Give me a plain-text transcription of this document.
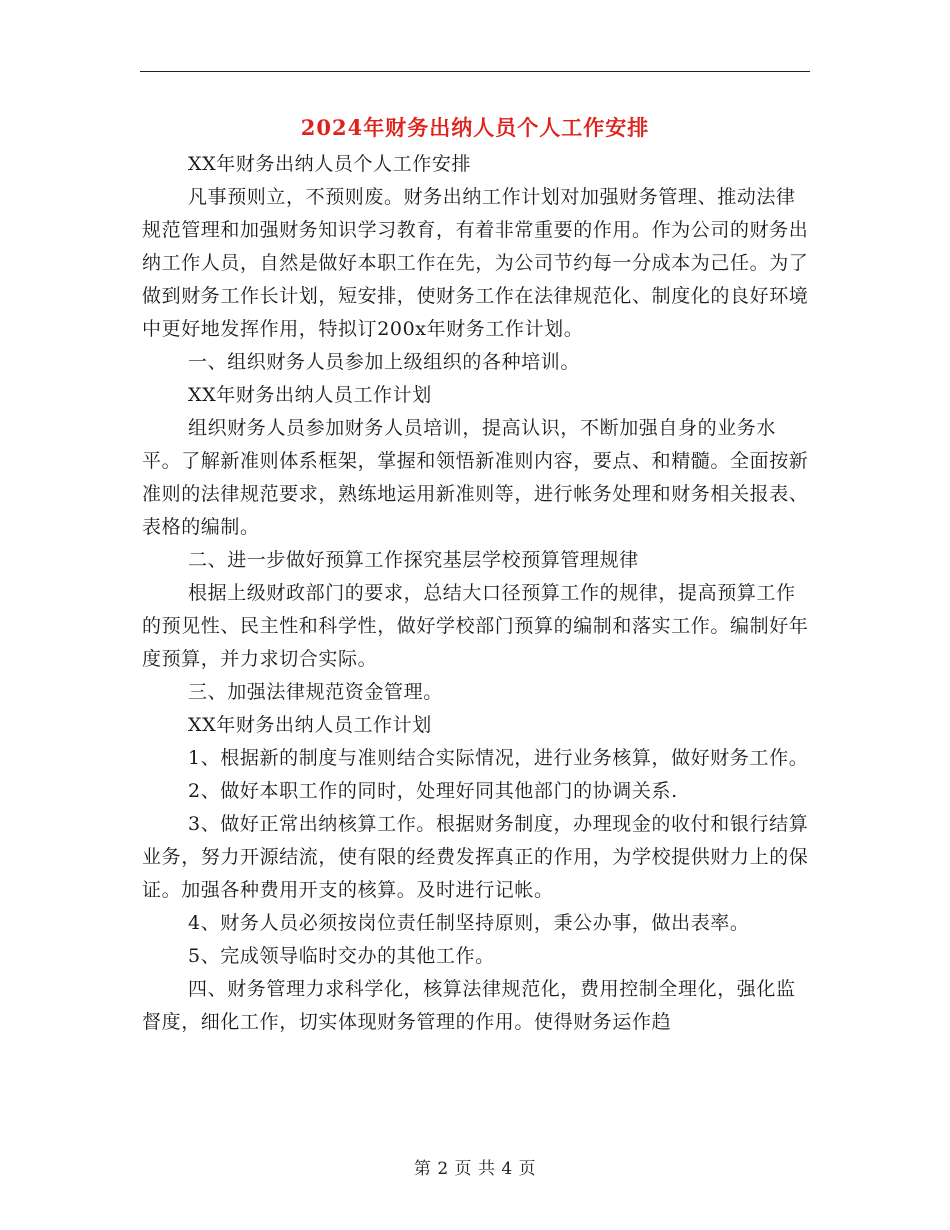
2024年财务出纳人员个人工作安排

XX年财务出纳人员个人工作安排

凡事预则立，不预则废。财务出纳工作计划对加强财务管理、推动法律规范管理和加强财务知识学习教育，有着非常重要的作用。作为公司的财务出纳工作人员，自然是做好本职工作在先，为公司节约每一分成本为己任。为了做到财务工作长计划，短安排，使财务工作在法律规范化、制度化的良好环境中更好地发挥作用，特拟订200x年财务工作计划。

一、组织财务人员参加上级组织的各种培训。

XX年财务出纳人员工作计划

组织财务人员参加财务人员培训，提高认识，不断加强自身的业务水平。了解新准则体系框架，掌握和领悟新准则内容，要点、和精髓。全面按新准则的法律规范要求，熟练地运用新准则等，进行帐务处理和财务相关报表、表格的编制。

二、进一步做好预算工作探究基层学校预算管理规律

根据上级财政部门的要求，总结大口径预算工作的规律，提高预算工作的预见性、民主性和科学性，做好学校部门预算的编制和落实工作。编制好年度预算，并力求切合实际。

三、加强法律规范资金管理。

XX年财务出纳人员工作计划

1、根据新的制度与准则结合实际情况，进行业务核算，做好财务工作。

2、做好本职工作的同时，处理好同其他部门的协调关系.

3、做好正常出纳核算工作。根据财务制度，办理现金的收付和银行结算业务，努力开源结流，使有限的经费发挥真正的作用，为学校提供财力上的保证。加强各种费用开支的核算。及时进行记帐。

4、财务人员必须按岗位责任制坚持原则，秉公办事，做出表率。

5、完成领导临时交办的其他工作。

四、财务管理力求科学化，核算法律规范化，费用控制全理化，强化监督度，细化工作，切实体现财务管理的作用。使得财务运作趋

第 2 页 共 4 页
